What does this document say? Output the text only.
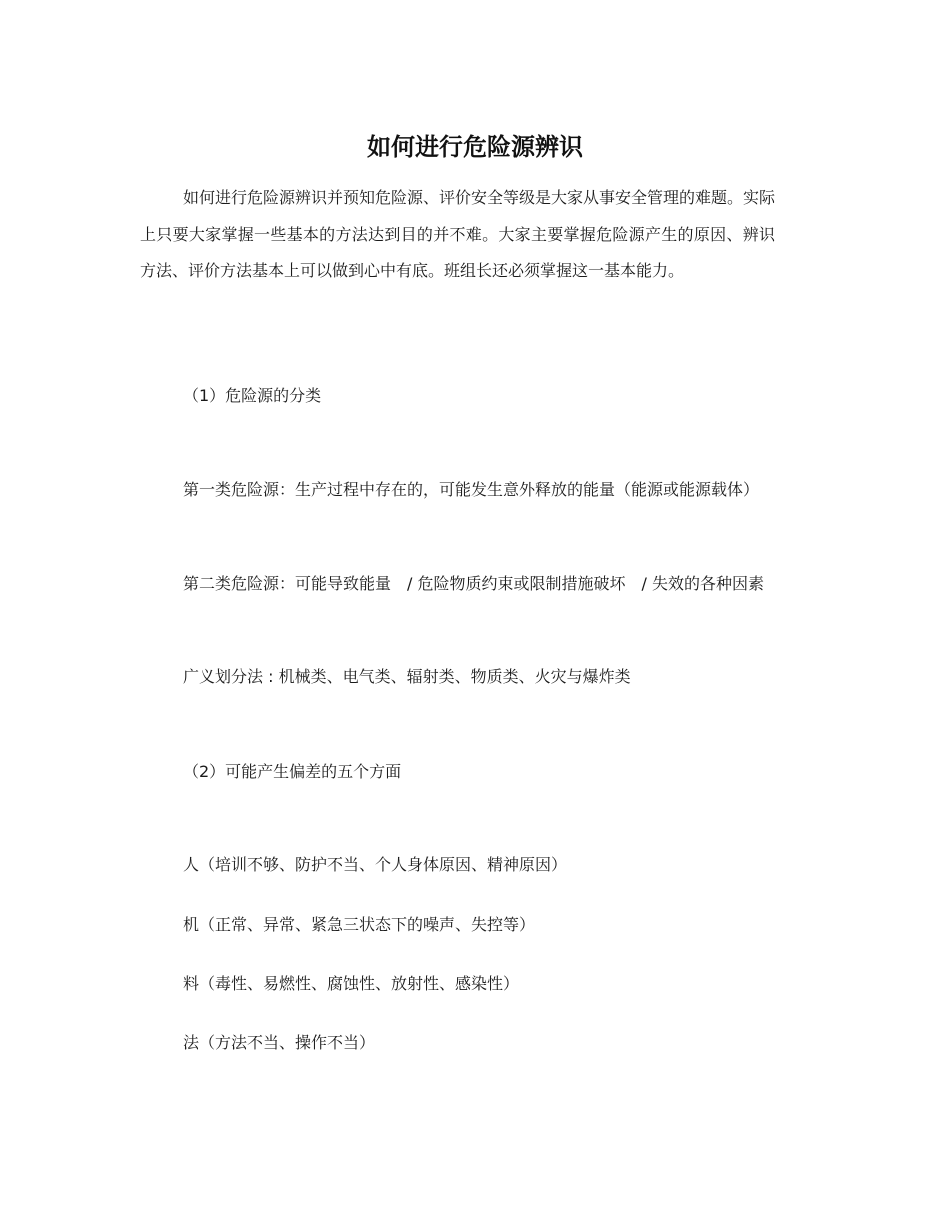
如何进行危险源辨识

如何进行危险源辨识并预知危险源、评价安全等级是大家从事安全管理的难题。实际上只要大家掌握一些基本的方法达到目的并不难。大家主要掌握危险源产生的原因、辨识方法、评价方法基本上可以做到心中有底。班组长还必须掌握这一基本能力。

（1）危险源的分类

第一类危险源：生产过程中存在的，可能发生意外释放的能量（能源或能源载体）

第二类危险源：可能导致能量　/ 危险物质约束或限制措施破坏　/ 失效的各种因素

广义划分法 : 机械类、电气类、辐射类、物质类、火灾与爆炸类

（2）可能产生偏差的五个方面

人（培训不够、防护不当、个人身体原因、精神原因）

机（正常、异常、紧急三状态下的噪声、失控等）

料（毒性、易燃性、腐蚀性、放射性、感染性）

法（方法不当、操作不当）
